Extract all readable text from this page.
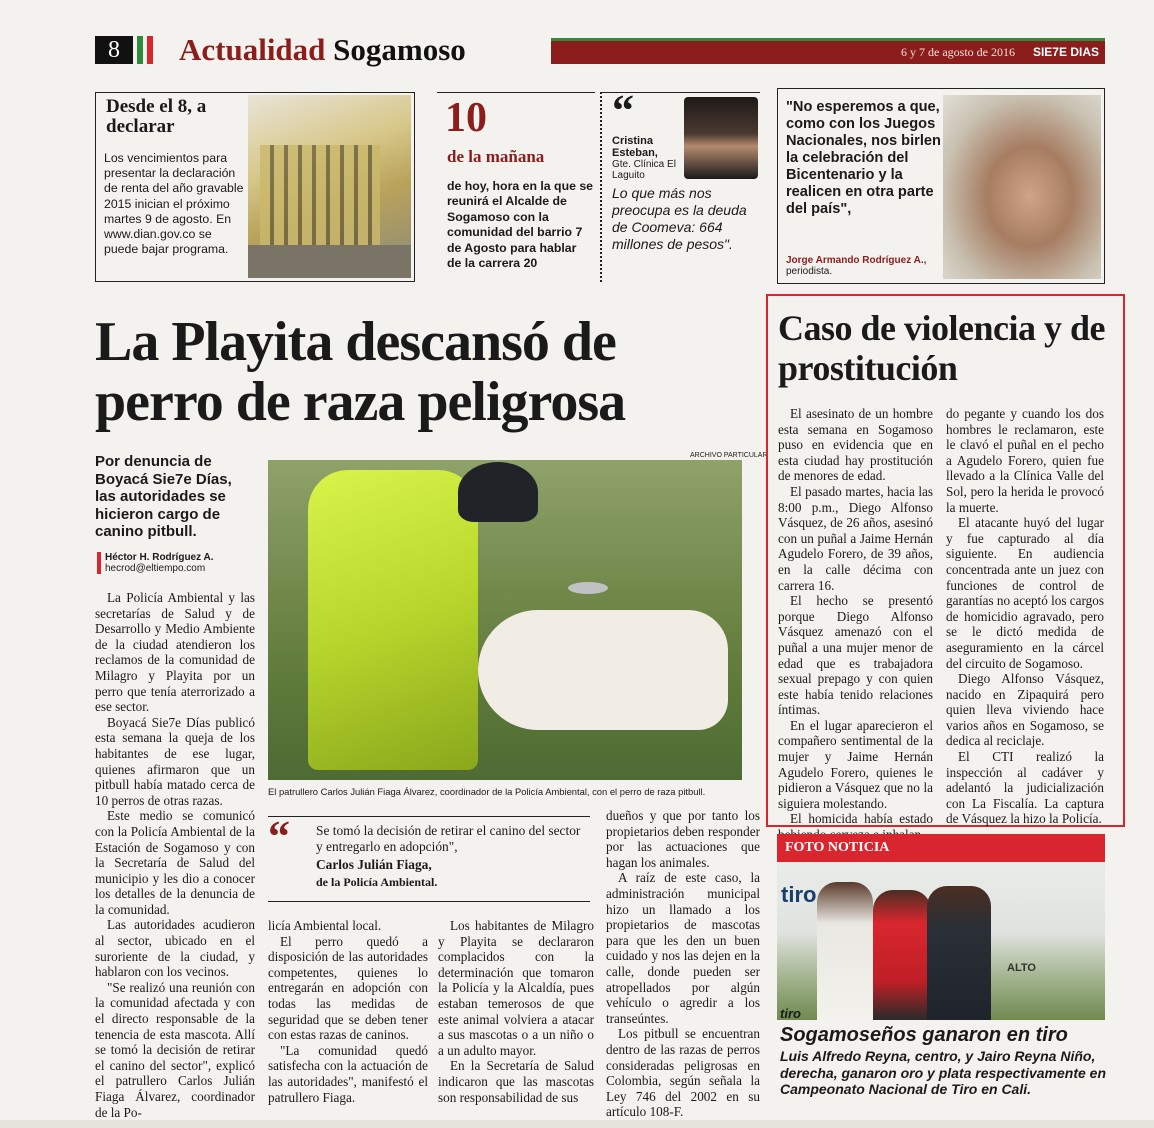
8	Actualidad Sogamoso	6 y 7 de agosto de 2016 SIE7E DIAS
Desde el 8, a declarar
Los vencimientos para presentar la declaración de renta del año gravable 2015 inician el próximo martes 9 de agosto. En www.dian.gov.co se puede bajar programa.
10
de la mañana
de hoy, hora en la que se reunirá el Alcalde de Sogamoso con la comunidad del barrio 7 de Agosto para hablar de la carrera 20
“
Cristina Esteban,
Gte. Clínica El Laguito
Lo que más nos preocupa es la deuda de Coomeva: 664 millones de pesos".
"No esperemos a que, como con los Juegos Nacionales, nos birlen la celebración del Bicentenario y la realicen en otra parte del país",
Jorge Armando Rodríguez A., periodista.
La Playita descansó de perro de raza peligrosa
Por denuncia de Boyacá Sie7e Días, las autoridades se hicieron cargo de canino pitbull.
Héctor H. Rodríguez A.
hecrod@eltiempo.com
ARCHIVO PARTICULAR
El patrullero Carlos Julián Fiaga Álvarez, coordinador de la Policía Ambiental, con el perro de raza pitbull.

La Policía Ambiental y las secretarías de Salud y de Desarrollo y Medio Ambiente de la ciudad atendieron los reclamos de la comunidad de Milagro y Playita por un perro que tenía aterrorizado a ese sector.

Boyacá Sie7e Días publicó esta semana la queja de los habitantes de ese lugar, quienes afirmaron que un pitbull había matado cerca de 10 perros de otras razas.

Este medio se comunicó con la Policía Ambiental de la Estación de Sogamoso y con la Secretaría de Salud del municipio y les dio a conocer los detalles de la denuncia de la comunidad.

Las autoridades acudieron al sector, ubicado en el suroriente de la ciudad, y hablaron con los vecinos.

"Se realizó una reunión con la comunidad afectada y con el directo responsable de la tenencia de esta mascota. Allí se tomó la decisión de retirar el canino del sector", explicó el patrullero Carlos Julián Fiaga Álvarez, coordinador de la Po-

“ Se tomó la decisión de retirar el canino del sector y entregarlo en adopción",
Carlos Julián Fiaga,
de la Policía Ambiental.

licía Ambiental local.

El perro quedó a disposición de las autoridades competentes, quienes lo entregarán en adopción con todas las medidas de seguridad que se deben tener con estas razas de caninos.

"La comunidad quedó satisfecha con la actuación de las autoridades", manifestó el patrullero Fiaga.

Los habitantes de Milagro y Playita se declararon complacidos con la determinación que tomaron la Policía y la Alcaldía, pues estaban temerosos de que este animal volviera a atacar a sus mascotas o a un niño o a un adulto mayor.

En la Secretaría de Salud indicaron que las mascotas son responsabilidad de sus

dueños y que por tanto los propietarios deben responder por las actuaciones que hagan los animales.

A raíz de este caso, la administración municipal hizo un llamado a los propietarios de mascotas para que les den un buen cuidado y nos las dejen en la calle, donde pueden ser atropellados por algún vehículo o agredir a los transeúntes.

Los pitbull se encuentran dentro de las razas de perros consideradas peligrosas en Colombia, según señala la Ley 746 del 2002 en su artículo 108-F.

Caso de violencia y de prostitución

El asesinato de un hombre esta semana en Sogamoso puso en evidencia que en esta ciudad hay prostitución de menores de edad.

El pasado martes, hacia las 8:00 p.m., Diego Alfonso Vásquez, de 26 años, asesinó con un puñal a Jaime Hernán Agudelo Forero, de 39 años, en la calle décima con carrera 16.

El hecho se presentó porque Diego Alfonso Vásquez amenazó con el puñal a una mujer menor de edad que es trabajadora sexual prepago y con quien este había tenido relaciones íntimas.

En el lugar aparecieron el compañero sentimental de la mujer y Jaime Hernán Agudelo Forero, quienes le pidieron a Vásquez que no la siguiera molestando.

El homicida había estado

do pegante y cuando los dos hombres le reclamaron, este le clavó el puñal en el pecho a Agudelo Forero, quien fue llevado a la Clínica Valle del Sol, pero la herida le provocó la muerte.

El atacante huyó del lugar y fue capturado al día siguiente. En audiencia concentrada ante un juez con funciones de control de garantías no aceptó los cargos de homicidio agravado, pero se le dictó medida de aseguramiento en la cárcel del circuito de Sogamoso.

Diego Alfonso Vásquez, nacido en Zipaquirá pero quien lleva viviendo hace varios años en Sogamoso, se dedica al reciclaje.

El CTI realizó la inspección al cadáver y adelantó la judicialización con La Fiscalía. La captura de Vásquez la hizo la Policía.

FOTO NOTICIA
tiro
ALTO
tiro
Sogamoseños ganaron en tiro
Luis Alfredo Reyna, centro, y Jairo Reyna Niño, derecha, ganaron oro y plata respectivamente en Campeonato Nacional de Tiro en Cali.
